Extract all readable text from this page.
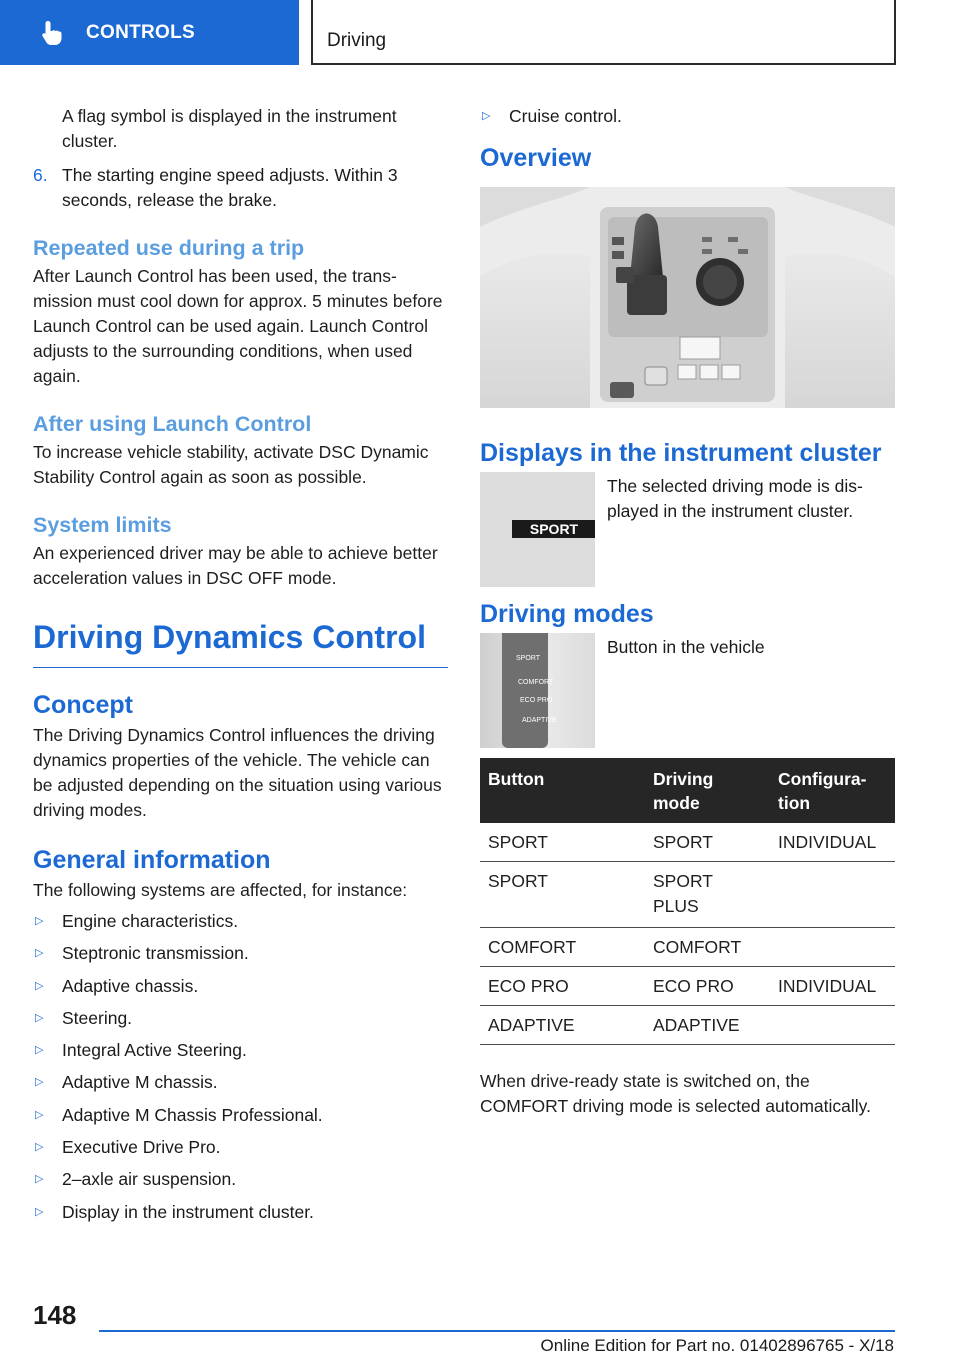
CONTROLS	Driving

A flag symbol is displayed in the instrument cluster.

6. The starting engine speed adjusts. Within 3 seconds, release the brake.
Repeated use during a trip

After Launch Control has been used, the transmission must cool down for approx. 5 minutes before Launch Control can be used again. Launch Control adjusts to the surrounding conditions, when used again.

After using Launch Control

To increase vehicle stability, activate DSC Dynamic Stability Control again as soon as possible.

System limits

An experienced driver may be able to achieve better acceleration values in DSC OFF mode.

Driving Dynamics Control
Concept

The Driving Dynamics Control influences the driving dynamics properties of the vehicle. The vehicle can be adjusted depending on the situation using various driving modes.

General information

The following systems are affected, for instance:

▷	Engine characteristics.
▷	Steptronic transmission.
▷	Adaptive chassis.
▷	Steering.
▷	Integral Active Steering.
▷	Adaptive M chassis.
▷	Adaptive M Chassis Professional.
▷	Executive Drive Pro.
▷	2–axle air suspension.
▷	Display in the instrument cluster.
▷	Cruise control.
Overview
Displays in the instrument cluster
SPORT

The selected driving mode is displayed in the instrument cluster.

Driving modes
SPORT
COMFORT
ECO PRO
ADAPTIVE

Button in the vehicle

Button	Driving mode	Configuration
SPORT	SPORT	INDIVIDUAL
SPORT	SPORT PLUS	
COMFORT	COMFORT	
ECO PRO	ECO PRO	INDIVIDUAL
ADAPTIVE	ADAPTIVE	

When drive-ready state is switched on, the COMFORT driving mode is selected automatically.

148
Online Edition for Part no. 01402896765 - X/18
